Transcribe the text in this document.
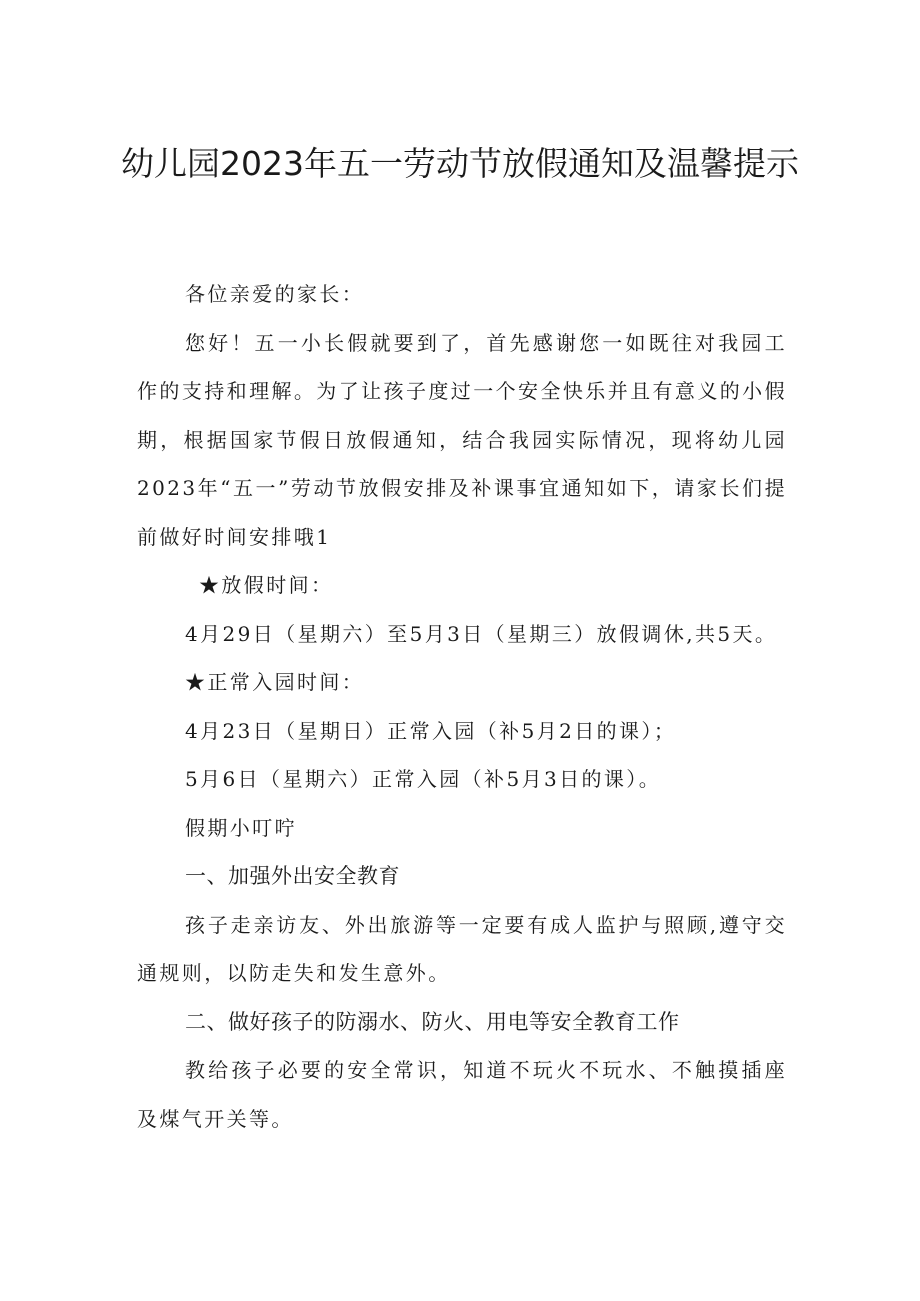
幼儿园2023年五一劳动节放假通知及温馨提示

各位亲爱的家长：

您好！五一小长假就要到了，首先感谢您一如既往对我园工作的支持和理解。为了让孩子度过一个安全快乐并且有意义的小假期，根据国家节假日放假通知，结合我园实际情况，现将幼儿园2023年“五一”劳动节放假安排及补课事宜通知如下，请家长们提前做好时间安排哦1

★放假时间：

4月29日（星期六）至5月3日（星期三）放假调休,共5天。

★正常入园时间：

4月23日（星期日）正常入园（补5月2日的课）；

5月6日（星期六）正常入园（补5月3日的课）。

假期小叮咛

一、加强外出安全教育

孩子走亲访友、外出旅游等一定要有成人监护与照顾,遵守交通规则，以防走失和发生意外。

二、做好孩子的防溺水、防火、用电等安全教育工作

教给孩子必要的安全常识，知道不玩火不玩水、不触摸插座及煤气开关等。
